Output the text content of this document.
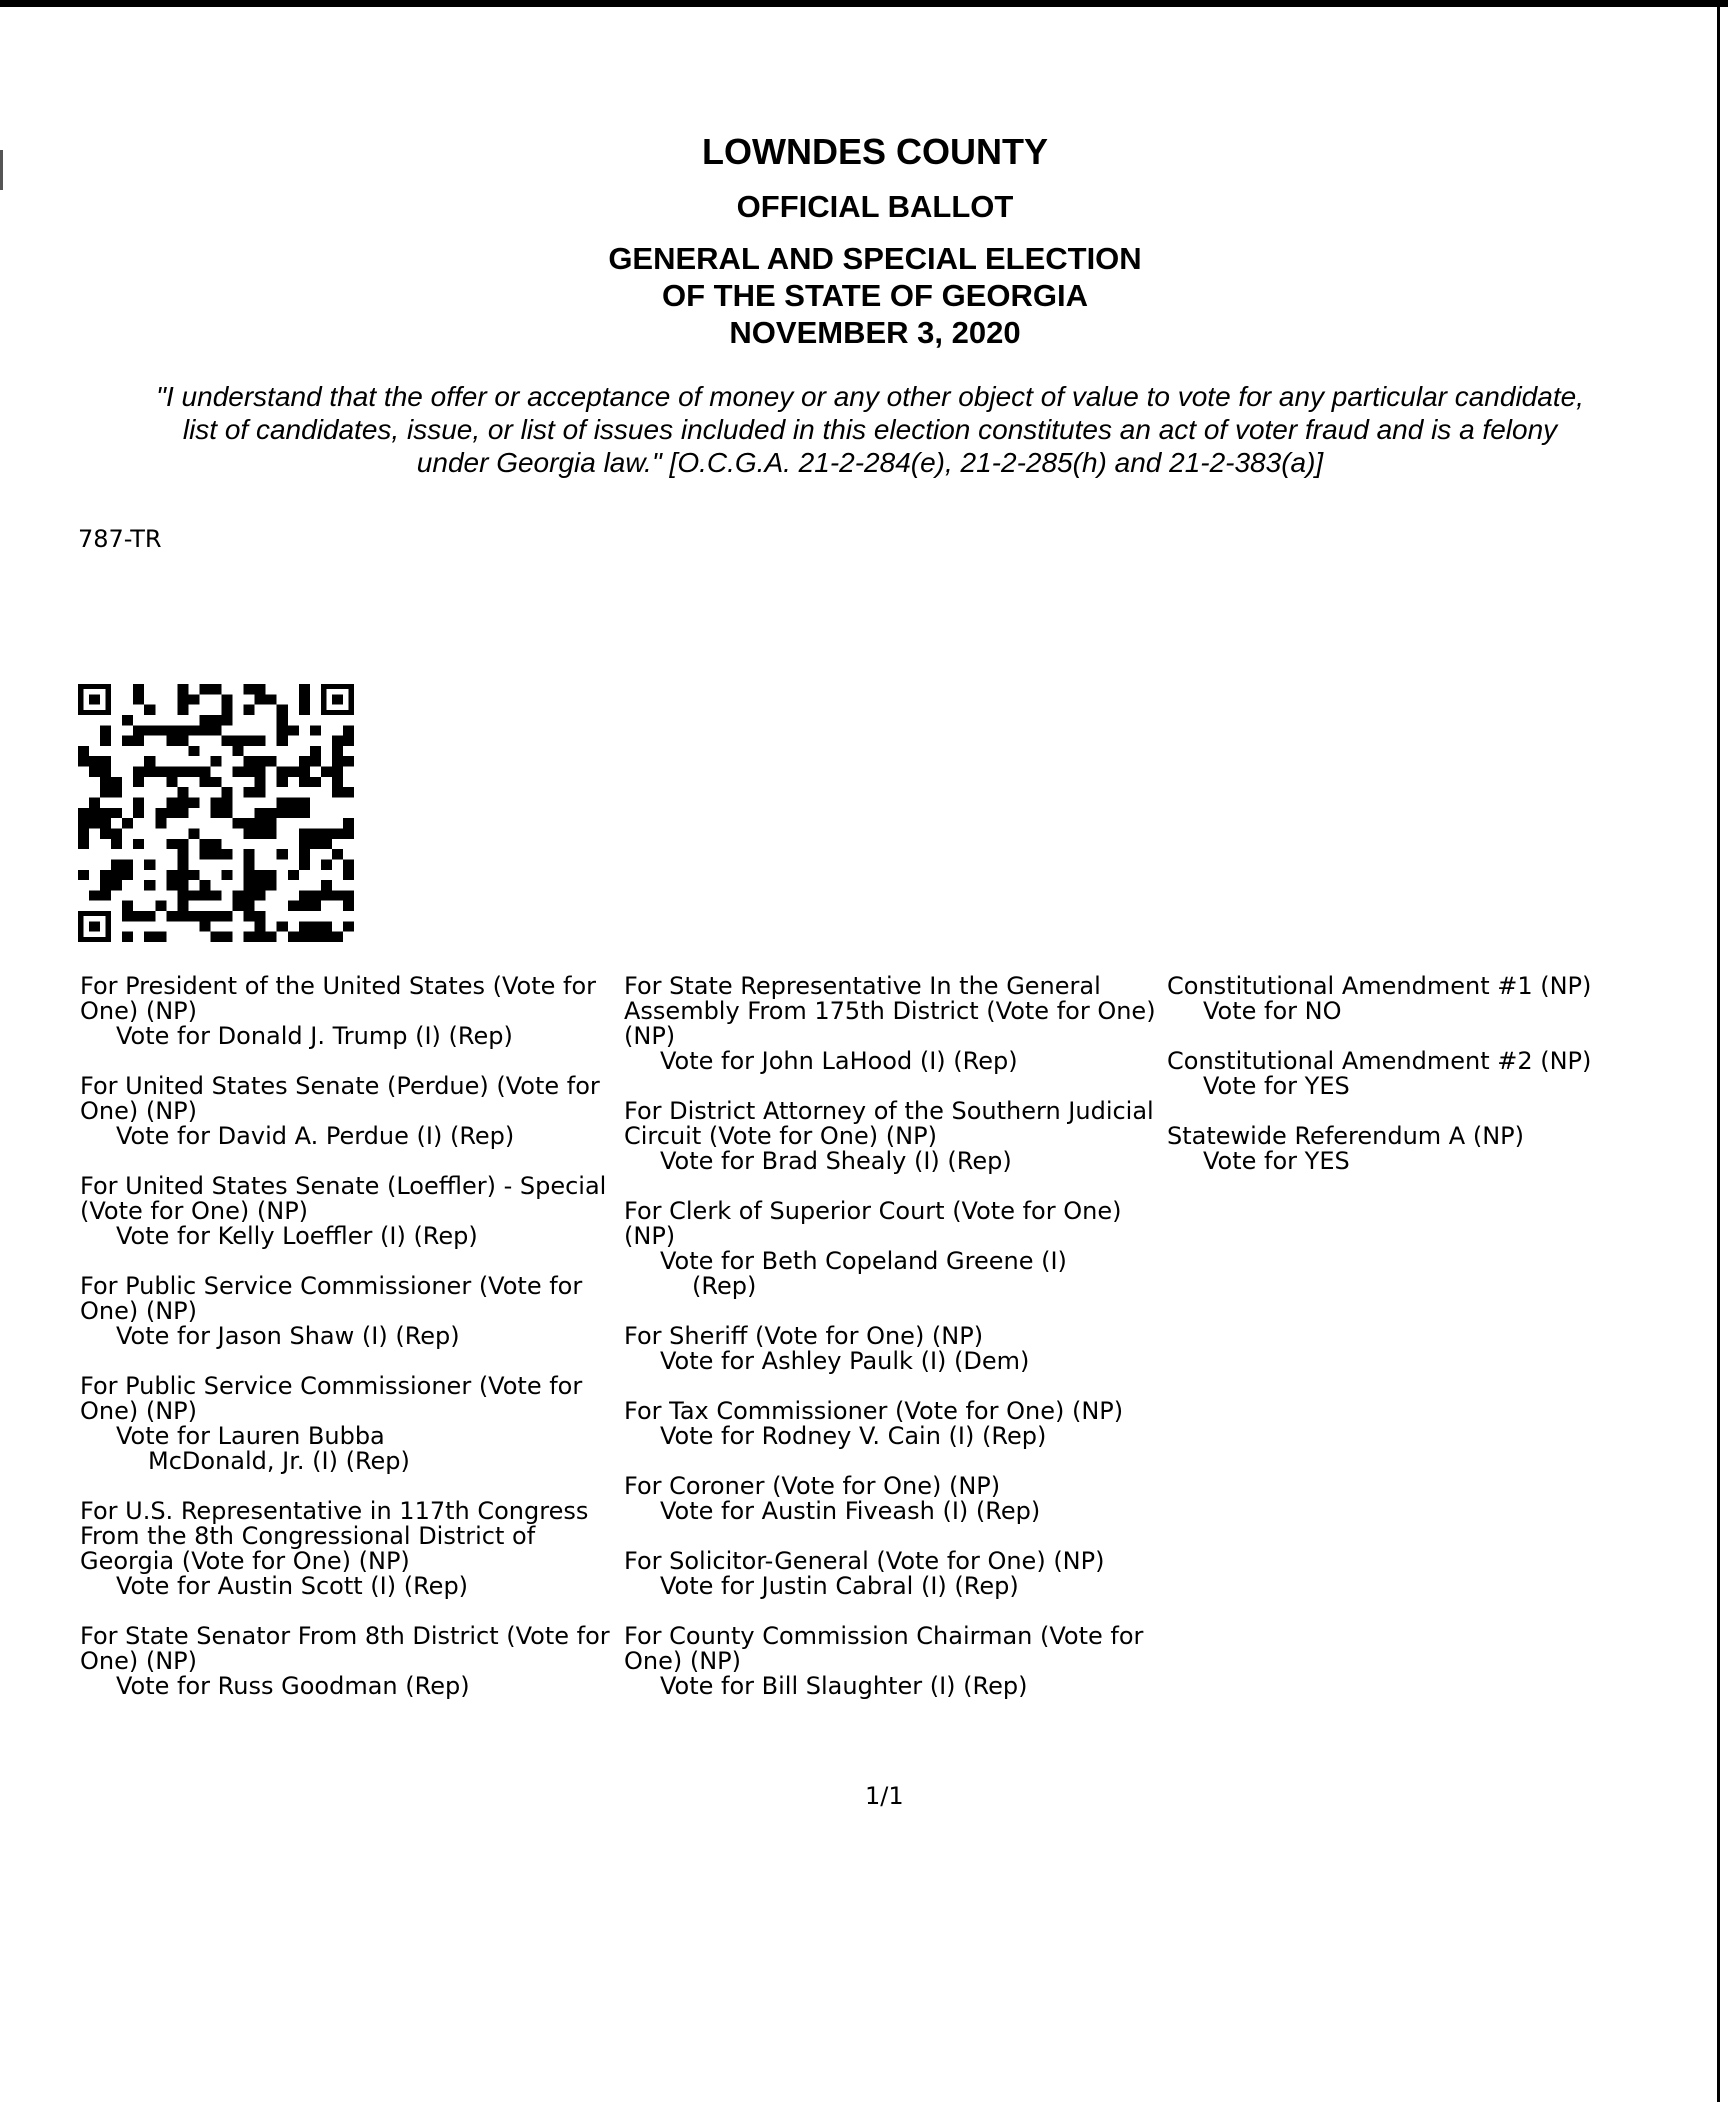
LOWNDES COUNTY
OFFICIAL BALLOT
GENERAL AND SPECIAL ELECTION
OF THE STATE OF GEORGIA
NOVEMBER 3, 2020
"I understand that the offer or acceptance of money or any other object of value to vote for any particular candidate,
list of candidates, issue, or list of issues included in this election constitutes an act of voter fraud and is a felony
under Georgia law." [O.C.G.A. 21-2-284(e), 21-2-285(h) and 21-2-383(a)]
787-TR
For President of the United States (Vote for One) (NP)
Vote for Donald J. Trump (I) (Rep)
For United States Senate (Perdue) (Vote for One) (NP)
Vote for David A. Perdue (I) (Rep)
For United States Senate (Loeffler) - Special (Vote for One) (NP)
Vote for Kelly Loeffler (I) (Rep)
For Public Service Commissioner (Vote for One) (NP)
Vote for Jason Shaw (I) (Rep)
For Public Service Commissioner (Vote for One) (NP)
Vote for Lauren Bubba
McDonald, Jr. (I) (Rep)
For U.S. Representative in 117th Congress From the 8th Congressional District of Georgia (Vote for One) (NP)
Vote for Austin Scott (I) (Rep)
For State Senator From 8th District (Vote for One) (NP)
Vote for Russ Goodman (Rep)
For State Representative In the General Assembly From 175th District (Vote for One) (NP)
Vote for John LaHood (I) (Rep)
For District Attorney of the Southern Judicial Circuit (Vote for One) (NP)
Vote for Brad Shealy (I) (Rep)
For Clerk of Superior Court (Vote for One) (NP)
Vote for Beth Copeland Greene (I)
(Rep)
For Sheriff (Vote for One) (NP)
Vote for Ashley Paulk (I) (Dem)
For Tax Commissioner (Vote for One) (NP)
Vote for Rodney V. Cain (I) (Rep)
For Coroner (Vote for One) (NP)
Vote for Austin Fiveash (I) (Rep)
For Solicitor-General (Vote for One) (NP)
Vote for Justin Cabral (I) (Rep)
For County Commission Chairman (Vote for One) (NP)
Vote for Bill Slaughter (I) (Rep)
Constitutional Amendment #1 (NP)
Vote for NO
Constitutional Amendment #2 (NP)
Vote for YES
Statewide Referendum A (NP)
Vote for YES
1/1
